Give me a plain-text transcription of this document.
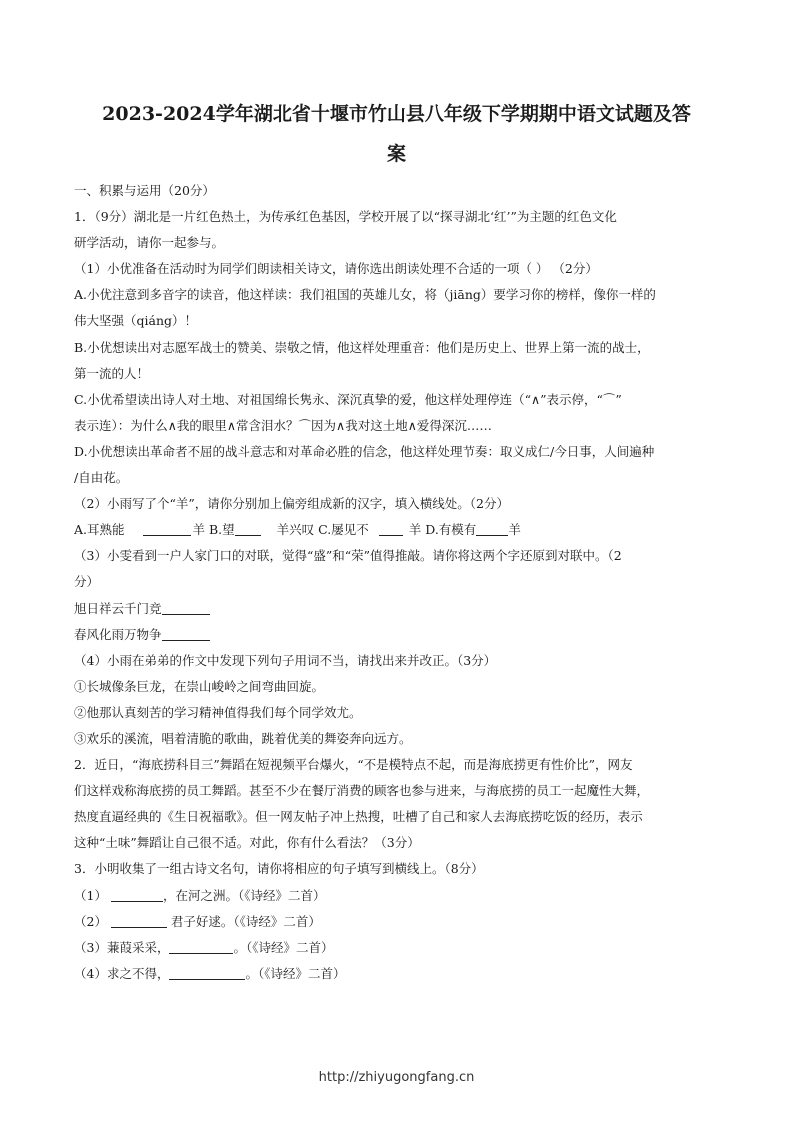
2023-2024学年湖北省十堰市竹山县八年级下学期期中语文试题及答
案
一、积累与运用（20分）
1．（9分）湖北是一片红色热土，为传承红色基因，学校开展了以“探寻湖北‘红’”为主题的红色文化
研学活动，请你一起参与。
（1）小优准备在活动时为同学们朗读相关诗文，请你选出朗读处理不合适的一项（ ） （2分）
A.小优注意到多音字的读音，他这样读：我们祖国的英雄儿女，将（jiāng）要学习你的榜样，像你一样的
伟大坚强（qiáng）！
B.小优想读出对志愿军战士的赞美、崇敬之情，他这样处理重音：他们是历史上、世界上第一流的战士，
第一流的人！
C.小优希望读出诗人对土地、对祖国绵长隽永、深沉真挚的爱，他这样处理停连（“∧”表示停，“⌒”
表示连）：为什么∧我的眼里∧常含泪水？⌒因为∧我对这土地∧爱得深沉……
D.小优想读出革命者不屈的战斗意志和对革命必胜的信念，他这样处理节奏：取义成仁/今日事，人间遍种
/自由花。
（2）小雨写了个“羊”，请你分别加上偏旁组成新的汉字，填入横线处。（2分）
A.耳熟能	羊 B.望	羊兴叹 C.屡见不	羊 D.有模有	羊
（3）小雯看到一户人家门口的对联，觉得“盛”和“荣”值得推敲。请你将这两个字还原到对联中。（2
分）
旭日祥云千门竞
春风化雨万物争
（4）小雨在弟弟的作文中发现下列句子用词不当，请找出来并改正。（3分）
①长城像条巨龙，在崇山峻岭之间弯曲回旋。
②他那认真刻苦的学习精神值得我们每个同学效尤。
③欢乐的溪流，唱着清脆的歌曲，跳着优美的舞姿奔向远方。
2．近日，“海底捞科目三”舞蹈在短视频平台爆火，“不是模特点不起，而是海底捞更有性价比”，网友
们这样戏称海底捞的员工舞蹈。甚至不少在餐厅消费的顾客也参与进来，与海底捞的员工一起魔性大舞，
热度直逼经典的《生日祝福歌》。但一网友帖子冲上热搜，吐槽了自己和家人去海底捞吃饭的经历，表示
这种“土味”舞蹈让自己很不适。对此，你有什么看法？（3分）
3．小明收集了一组古诗文名句，请你将相应的句子填写到横线上。（8分）
（1）	，在河之洲。（《诗经》二首）
（2）	君子好逑。（《诗经》二首）
（3）蒹葭采采，	。（《诗经》二首）
（4）求之不得，	。（《诗经》二首）
http://zhiyugongfang.cn
